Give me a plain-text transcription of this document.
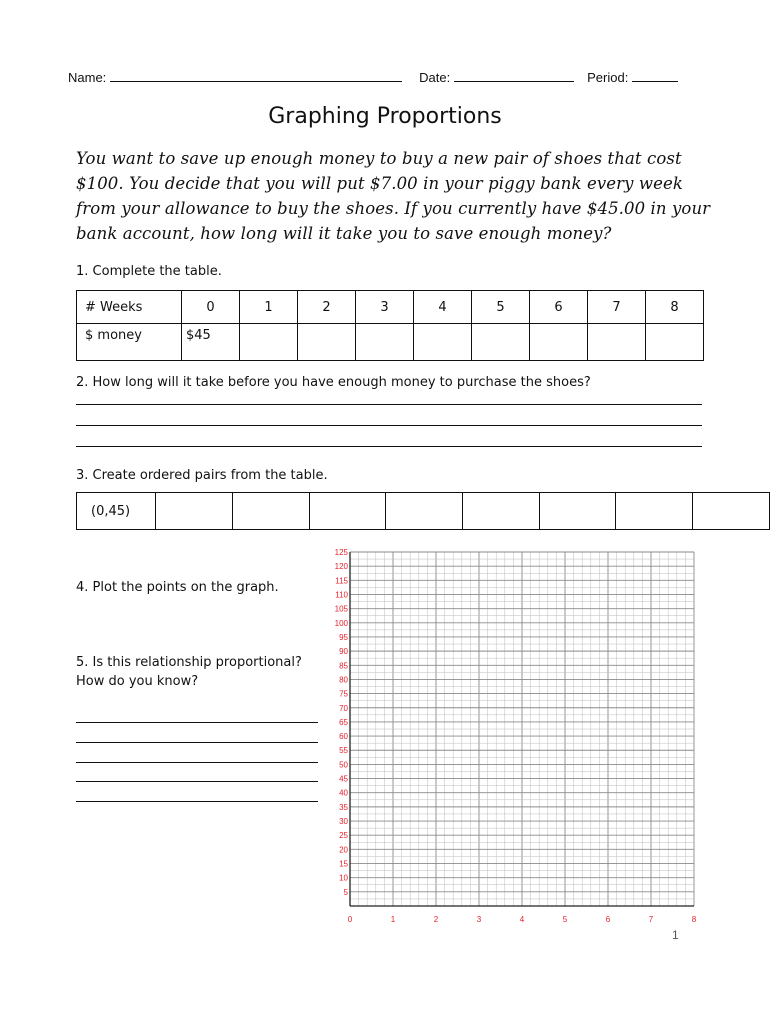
Name:	Date:	Period:
Graphing Proportions
You want to save up enough money to buy a new pair of shoes that cost $100. You decide that you will put $7.00 in your piggy bank every week from your allowance to buy the shoes. If you currently have $45.00 in your bank account, how long will it take you to save enough money?
1. Complete the table.
# Weeks	0	1	2	3	4	5	6	7	8
$ money	$45								
2. How long will it take before you have enough money to purchase the shoes?
3. Create ordered pairs from the table.
(0,45)								
4. Plot the points on the graph.
5. Is this relationship proportional?
How do you know?
0	1	2	3	4	5	6	7	8
5
10
15
20
25
30
35
40
45
50
55
60
65
70
75
80
85
90
95
100
105
110
115
120
125
1
